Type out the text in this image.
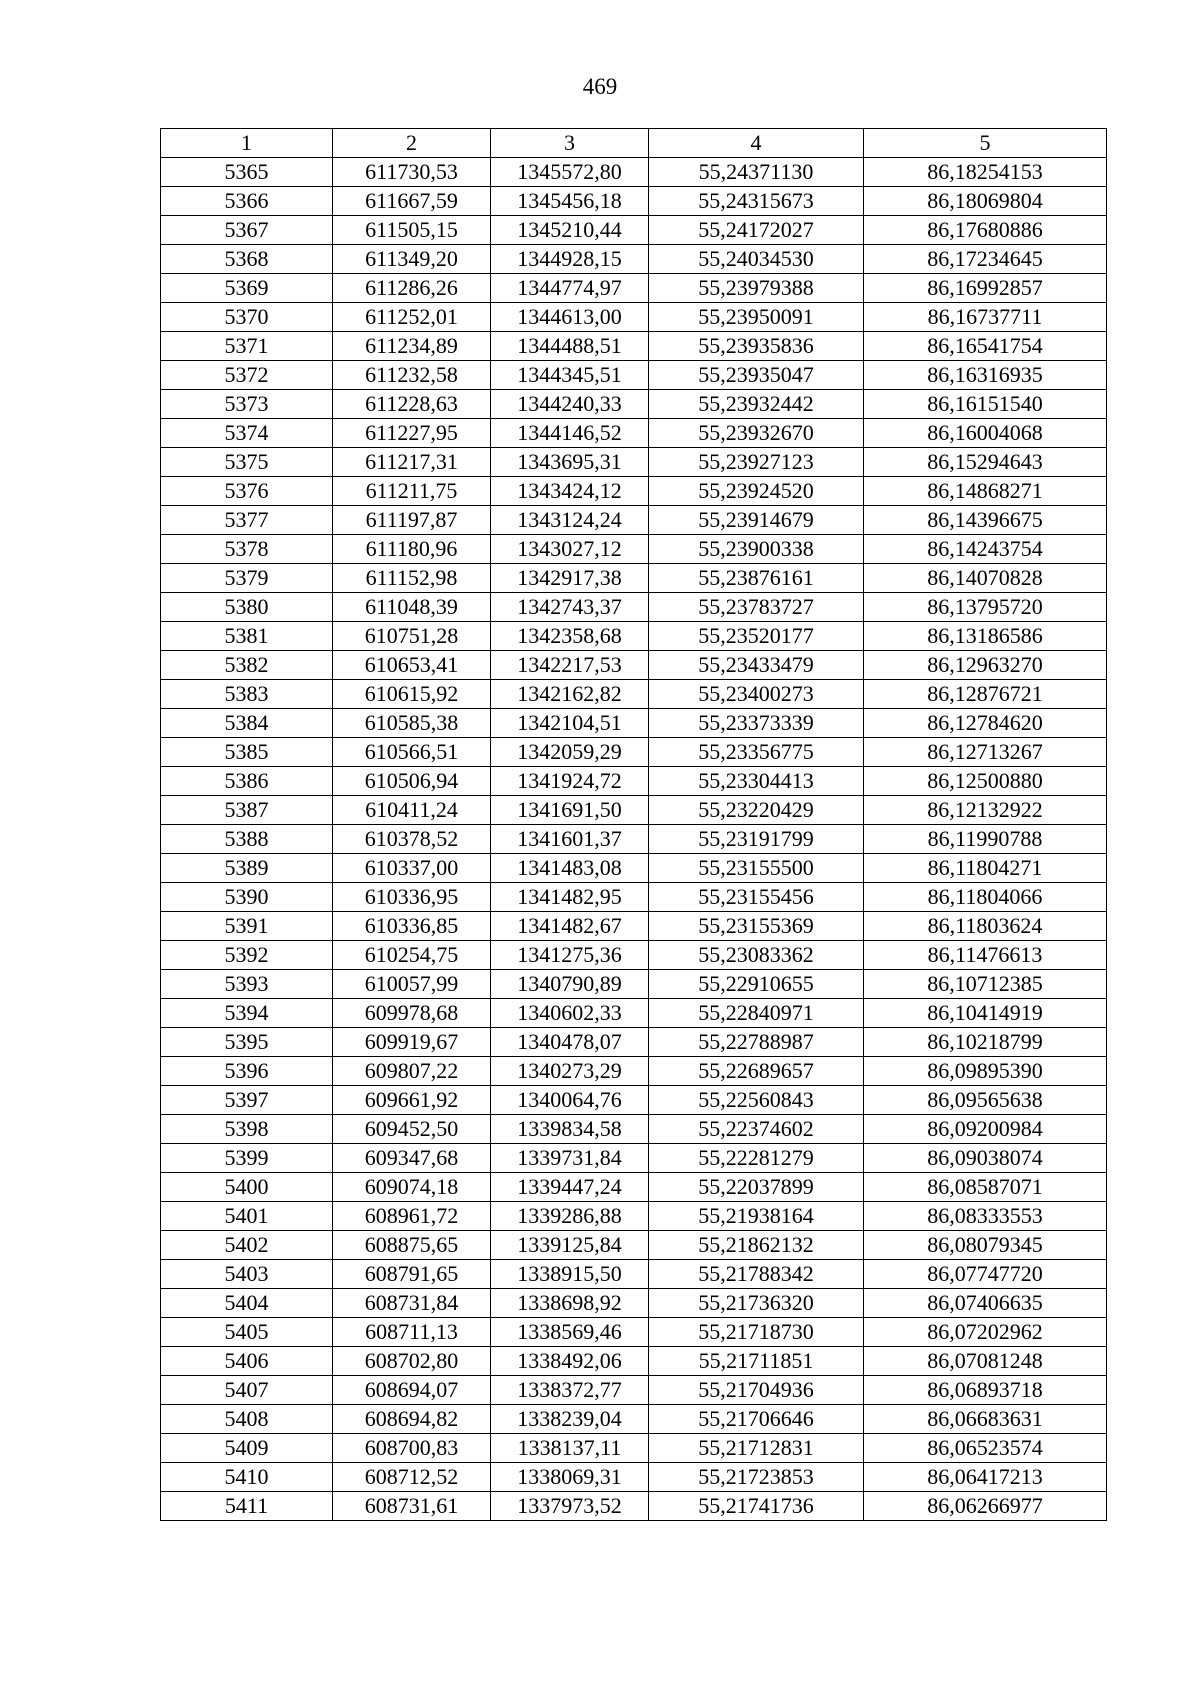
469
1	2	3	4	5
5365	611730,53	1345572,80	55,24371130	86,18254153
5366	611667,59	1345456,18	55,24315673	86,18069804
5367	611505,15	1345210,44	55,24172027	86,17680886
5368	611349,20	1344928,15	55,24034530	86,17234645
5369	611286,26	1344774,97	55,23979388	86,16992857
5370	611252,01	1344613,00	55,23950091	86,16737711
5371	611234,89	1344488,51	55,23935836	86,16541754
5372	611232,58	1344345,51	55,23935047	86,16316935
5373	611228,63	1344240,33	55,23932442	86,16151540
5374	611227,95	1344146,52	55,23932670	86,16004068
5375	611217,31	1343695,31	55,23927123	86,15294643
5376	611211,75	1343424,12	55,23924520	86,14868271
5377	611197,87	1343124,24	55,23914679	86,14396675
5378	611180,96	1343027,12	55,23900338	86,14243754
5379	611152,98	1342917,38	55,23876161	86,14070828
5380	611048,39	1342743,37	55,23783727	86,13795720
5381	610751,28	1342358,68	55,23520177	86,13186586
5382	610653,41	1342217,53	55,23433479	86,12963270
5383	610615,92	1342162,82	55,23400273	86,12876721
5384	610585,38	1342104,51	55,23373339	86,12784620
5385	610566,51	1342059,29	55,23356775	86,12713267
5386	610506,94	1341924,72	55,23304413	86,12500880
5387	610411,24	1341691,50	55,23220429	86,12132922
5388	610378,52	1341601,37	55,23191799	86,11990788
5389	610337,00	1341483,08	55,23155500	86,11804271
5390	610336,95	1341482,95	55,23155456	86,11804066
5391	610336,85	1341482,67	55,23155369	86,11803624
5392	610254,75	1341275,36	55,23083362	86,11476613
5393	610057,99	1340790,89	55,22910655	86,10712385
5394	609978,68	1340602,33	55,22840971	86,10414919
5395	609919,67	1340478,07	55,22788987	86,10218799
5396	609807,22	1340273,29	55,22689657	86,09895390
5397	609661,92	1340064,76	55,22560843	86,09565638
5398	609452,50	1339834,58	55,22374602	86,09200984
5399	609347,68	1339731,84	55,22281279	86,09038074
5400	609074,18	1339447,24	55,22037899	86,08587071
5401	608961,72	1339286,88	55,21938164	86,08333553
5402	608875,65	1339125,84	55,21862132	86,08079345
5403	608791,65	1338915,50	55,21788342	86,07747720
5404	608731,84	1338698,92	55,21736320	86,07406635
5405	608711,13	1338569,46	55,21718730	86,07202962
5406	608702,80	1338492,06	55,21711851	86,07081248
5407	608694,07	1338372,77	55,21704936	86,06893718
5408	608694,82	1338239,04	55,21706646	86,06683631
5409	608700,83	1338137,11	55,21712831	86,06523574
5410	608712,52	1338069,31	55,21723853	86,06417213
5411	608731,61	1337973,52	55,21741736	86,06266977
